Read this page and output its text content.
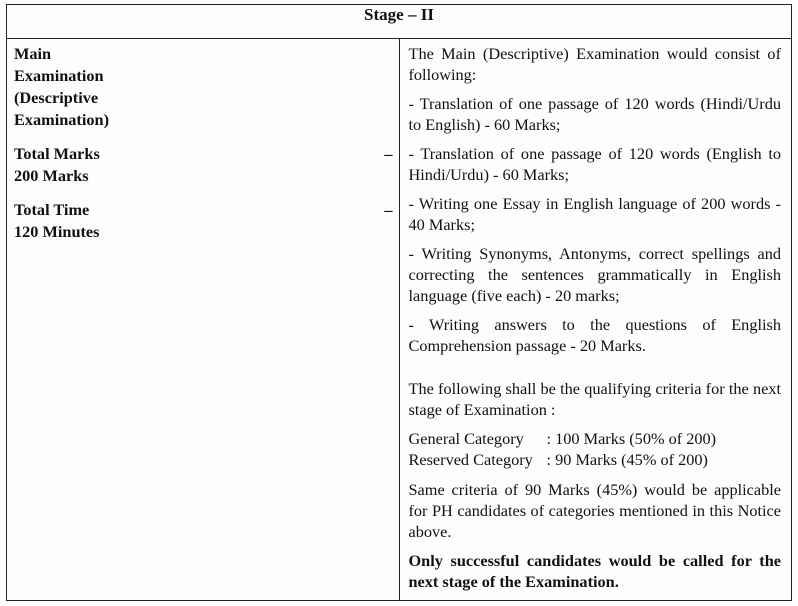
Stage – II

Main
Examination
(Descriptive
Examination)
Total Marks	–
200 Marks
Total Time	–
120 Minutes

The Main (Descriptive) Examination would consist of following:

- Translation of one passage of 120 words (Hindi/Urdu to English) - 60 Marks;

- Translation of one passage of 120 words (English to Hindi/Urdu) - 60 Marks;

- Writing one Essay in English language of 200 words - 40 Marks;

- Writing Synonyms, Antonyms, correct spellings and correcting the sentences grammatically in English language (five each) - 20 marks;

- Writing answers to the questions of English Comprehension passage - 20 Marks.

The following shall be the qualifying criteria for the next stage of Examination :

General Category	: 100 Marks (50% of 200)
Reserved Category : 90 Marks (45% of 200)

Same criteria of 90 Marks (45%) would be applicable for PH candidates of categories mentioned in this Notice above.

Only successful candidates would be called for the next stage of the Examination.
